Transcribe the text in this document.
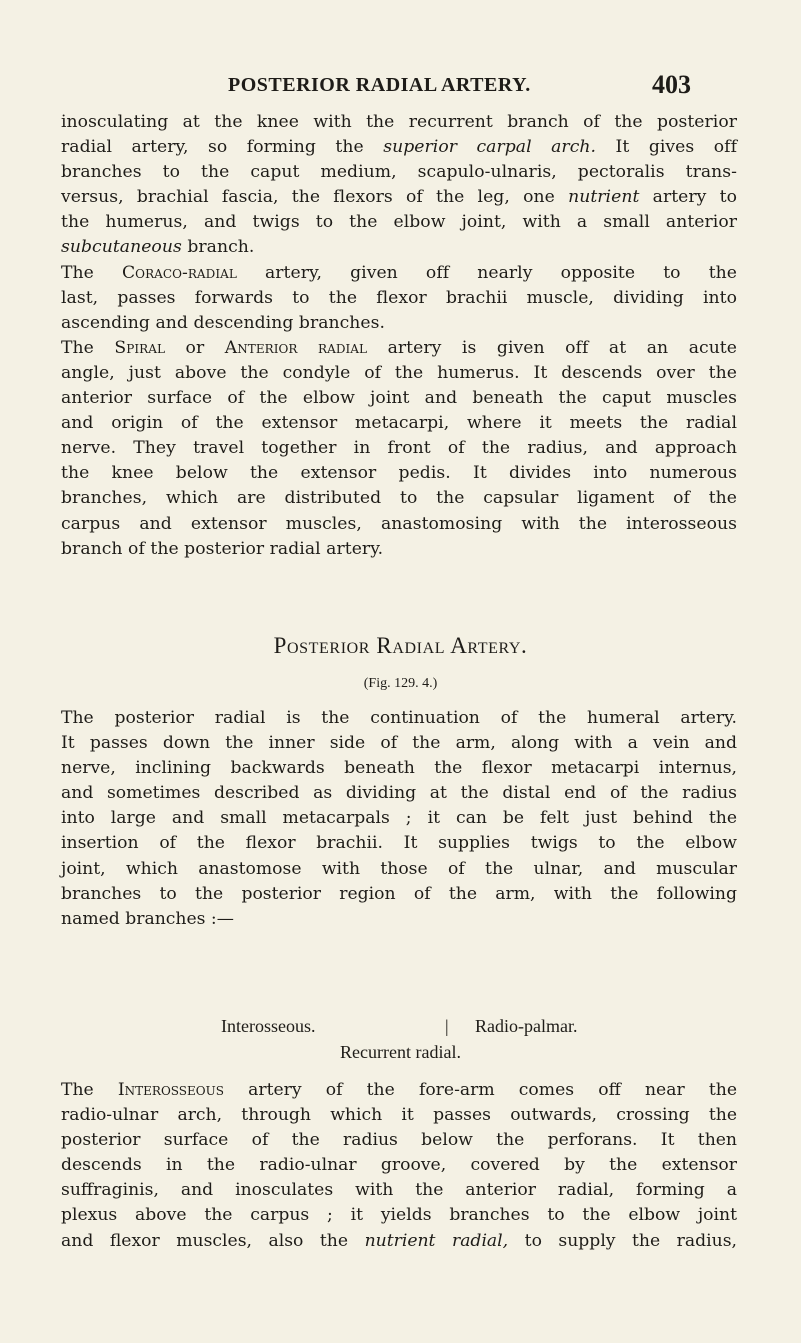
POSTERIOR RADIAL ARTERY.	403
inosculating at the knee with the recurrent branch of the posterior
radial artery, so forming the superior carpal arch. It gives off
branches to the caput medium, scapulo-ulnaris, pectoralis trans-
versus, brachial fascia, the flexors of the leg, one nutrient artery to
the humerus, and twigs to the elbow joint, with a small anterior
subcutaneous branch.
The Coraco-radial artery, given off nearly opposite to the
last, passes forwards to the flexor brachii muscle, dividing into
ascending and descending branches.
The Spiral or Anterior radial artery is given off at an acute
angle, just above the condyle of the humerus. It descends over the
anterior surface of the elbow joint and beneath the caput muscles
and origin of the extensor metacarpi, where it meets the radial
nerve. They travel together in front of the radius, and approach
the knee below the extensor pedis. It divides into numerous
branches, which are distributed to the capsular ligament of the
carpus and extensor muscles, anastomosing with the interosseous
branch of the posterior radial artery.
Posterior Radial Artery.
(Fig. 129. 4.)
The posterior radial is the continuation of the humeral artery.
It passes down the inner side of the arm, along with a vein and
nerve, inclining backwards beneath the flexor metacarpi internus,
and sometimes described as dividing at the distal end of the radius
into large and small metacarpals ; it can be felt just behind the
insertion of the flexor brachii. It supplies twigs to the elbow
joint, which anastomose with those of the ulnar, and muscular
branches to the posterior region of the arm, with the following
named branches :—
Interosseous.	| Radio-palmar.
Recurrent radial.
The Interosseous artery of the fore-arm comes off near the
radio-ulnar arch, through which it passes outwards, crossing the
posterior surface of the radius below the perforans. It then
descends in the radio-ulnar groove, covered by the extensor
suffraginis, and inosculates with the anterior radial, forming a
plexus above the carpus ; it yields branches to the elbow joint
and flexor muscles, also the nutrient radial, to supply the radius,
